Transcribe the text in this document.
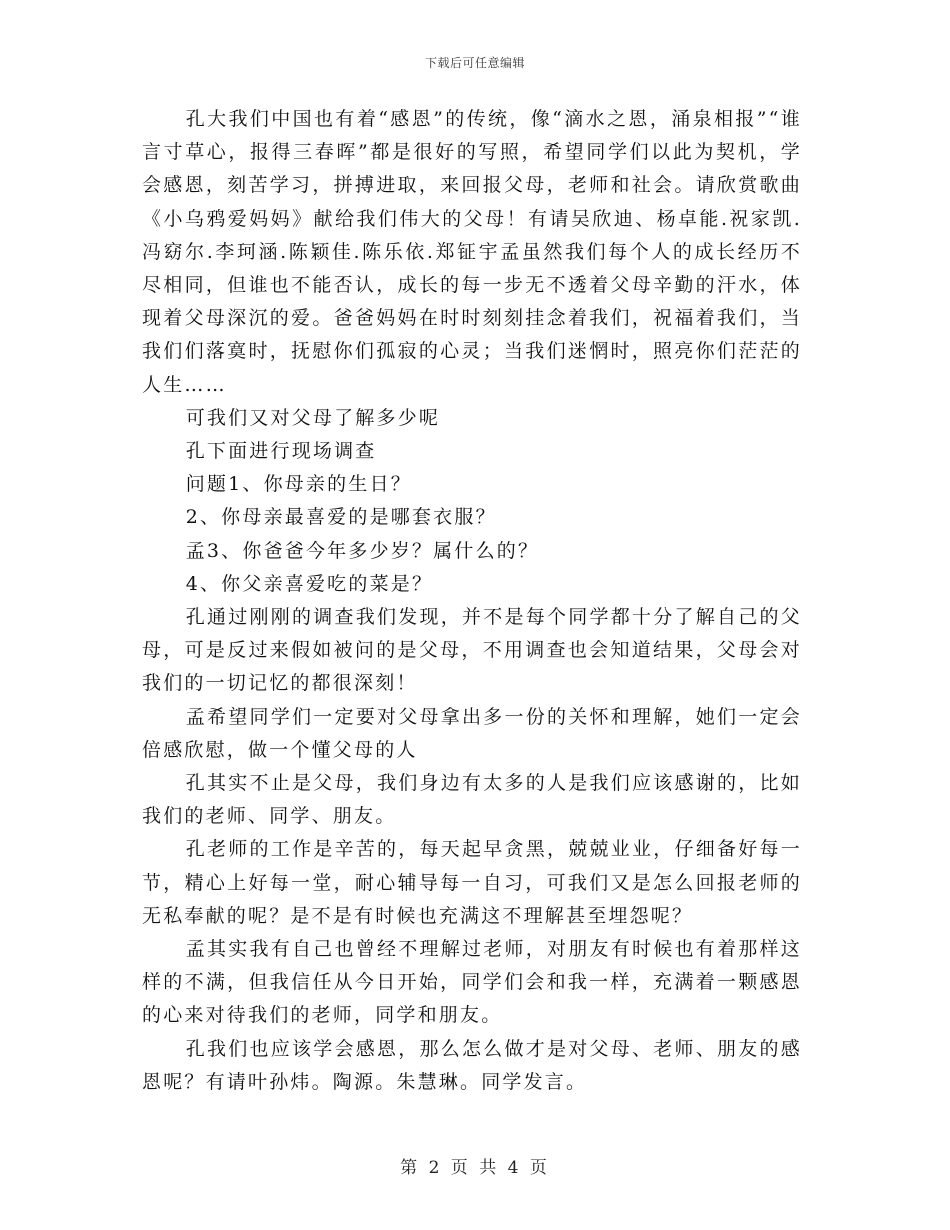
下载后可任意编辑

孔大我们中国也有着“感恩”的传统，像“滴水之恩，涌泉相报”“谁言寸草心，报得三春晖”都是很好的写照，希望同学们以此为契机，学会感恩，刻苦学习，拼搏进取，来回报父母，老师和社会。请欣赏歌曲《小乌鸦爱妈妈》献给我们伟大的父母！有请吴欣迪、杨卓能.祝家凯.冯窈尔.李珂涵.陈颖佳.陈乐依.郑钲宇孟虽然我们每个人的成长经历不尽相同，但谁也不能否认，成长的每一步无不透着父母辛勤的汗水，体现着父母深沉的爱。爸爸妈妈在时时刻刻挂念着我们，祝福着我们，当我们们落寞时，抚慰你们孤寂的心灵；当我们迷惘时，照亮你们茫茫的人生……

可我们又对父母了解多少呢

孔下面进行现场调查

问题1、你母亲的生日？

2、你母亲最喜爱的是哪套衣服？

孟3、你爸爸今年多少岁？属什么的？

4、你父亲喜爱吃的菜是？

孔通过刚刚的调查我们发现，并不是每个同学都十分了解自己的父母，可是反过来假如被问的是父母，不用调查也会知道结果，父母会对我们的一切记忆的都很深刻！

孟希望同学们一定要对父母拿出多一份的关怀和理解，她们一定会倍感欣慰，做一个懂父母的人

孔其实不止是父母，我们身边有太多的人是我们应该感谢的，比如我们的老师、同学、朋友。

孔老师的工作是辛苦的，每天起早贪黑，兢兢业业，仔细备好每一节，精心上好每一堂，耐心辅导每一自习，可我们又是怎么回报老师的无私奉献的呢？是不是有时候也充满这不理解甚至埋怨呢？

孟其实我有自己也曾经不理解过老师，对朋友有时候也有着那样这样的不满，但我信任从今日开始，同学们会和我一样，充满着一颗感恩的心来对待我们的老师，同学和朋友。

孔我们也应该学会感恩，那么怎么做才是对父母、老师、朋友的感恩呢？有请叶孙炜。陶源。朱慧琳。同学发言。

第 2 页 共 4 页
